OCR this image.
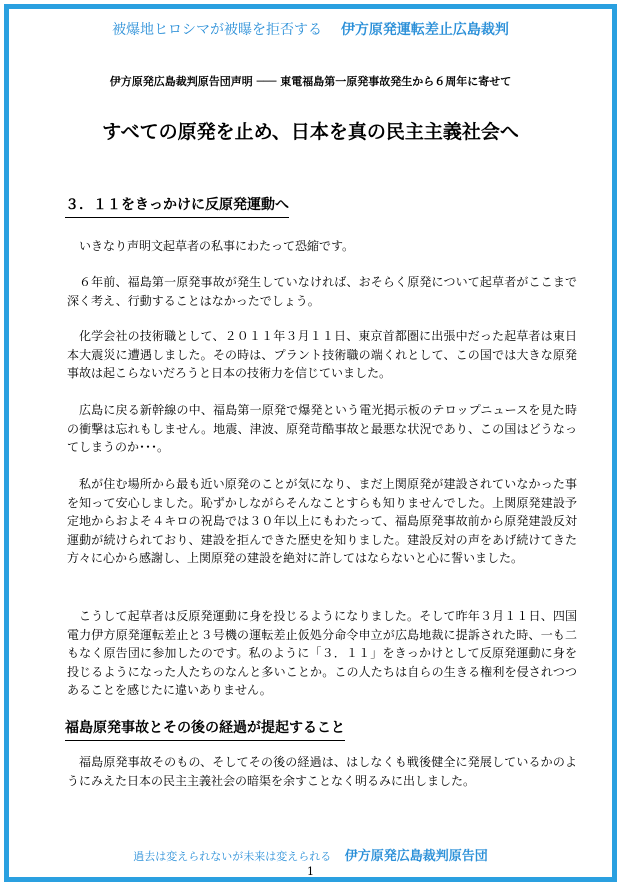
被爆地ヒロシマが被曝を拒否する 伊方原発運転差止広島裁判
伊方原発広島裁判原告団声明 ─── 東電福島第一原発事故発生から６周年に寄せて
すべての原発を止め、日本を真の民主主義社会へ
３．１１をきっかけに反原発運動へ
いきなり声明文起草者の私事にわたって恐縮です。
６年前、福島第一原発事故が発生していなければ、おそらく原発について起草者がここまで深く考え、行動することはなかったでしょう。
化学会社の技術職として、２０１１年３月１１日、東京首都圏に出張中だった起草者は東日本大震災に遭遇しました。その時は、プラント技術職の端くれとして、この国では大きな原発事故は起こらないだろうと日本の技術力を信じていました。
広島に戻る新幹線の中、福島第一原発で爆発という電光掲示板のテロップニュースを見た時の衝撃は忘れもしません。地震、津波、原発苛酷事故と最悪な状況であり、この国はどうなってしまうのか･･･。
私が住む場所から最も近い原発のことが気になり、まだ上関原発が建設されていなかった事を知って安心しました。恥ずかしながらそんなことすらも知りませんでした。上関原発建設予定地からおよそ４キロの祝島では３０年以上にもわたって、福島原発事故前から原発建設反対運動が続けられており、建設を拒んできた歴史を知りました。建設反対の声をあげ続けてきた方々に心から感謝し、上関原発の建設を絶対に許してはならないと心に誓いました。
こうして起草者は反原発運動に身を投じるようになりました。そして昨年３月１１日、四国電力伊方原発運転差止と３号機の運転差止仮処分命令申立が広島地裁に提訴された時、一も二もなく原告団に参加したのです。私のように「３．１１」をきっかけとして反原発運動に身を投じるようになった人たちのなんと多いことか。この人たちは自らの生きる権利を侵されつつあることを感じたに違いありません。
福島原発事故とその後の経過が提起すること
福島原発事故そのもの、そしてその後の経過は、はしなくも戦後健全に発展しているかのようにみえた日本の民主主義社会の暗渠を余すことなく明るみに出しました。
過去は変えられないが未来は変えられる 伊方原発広島裁判原告団
1
